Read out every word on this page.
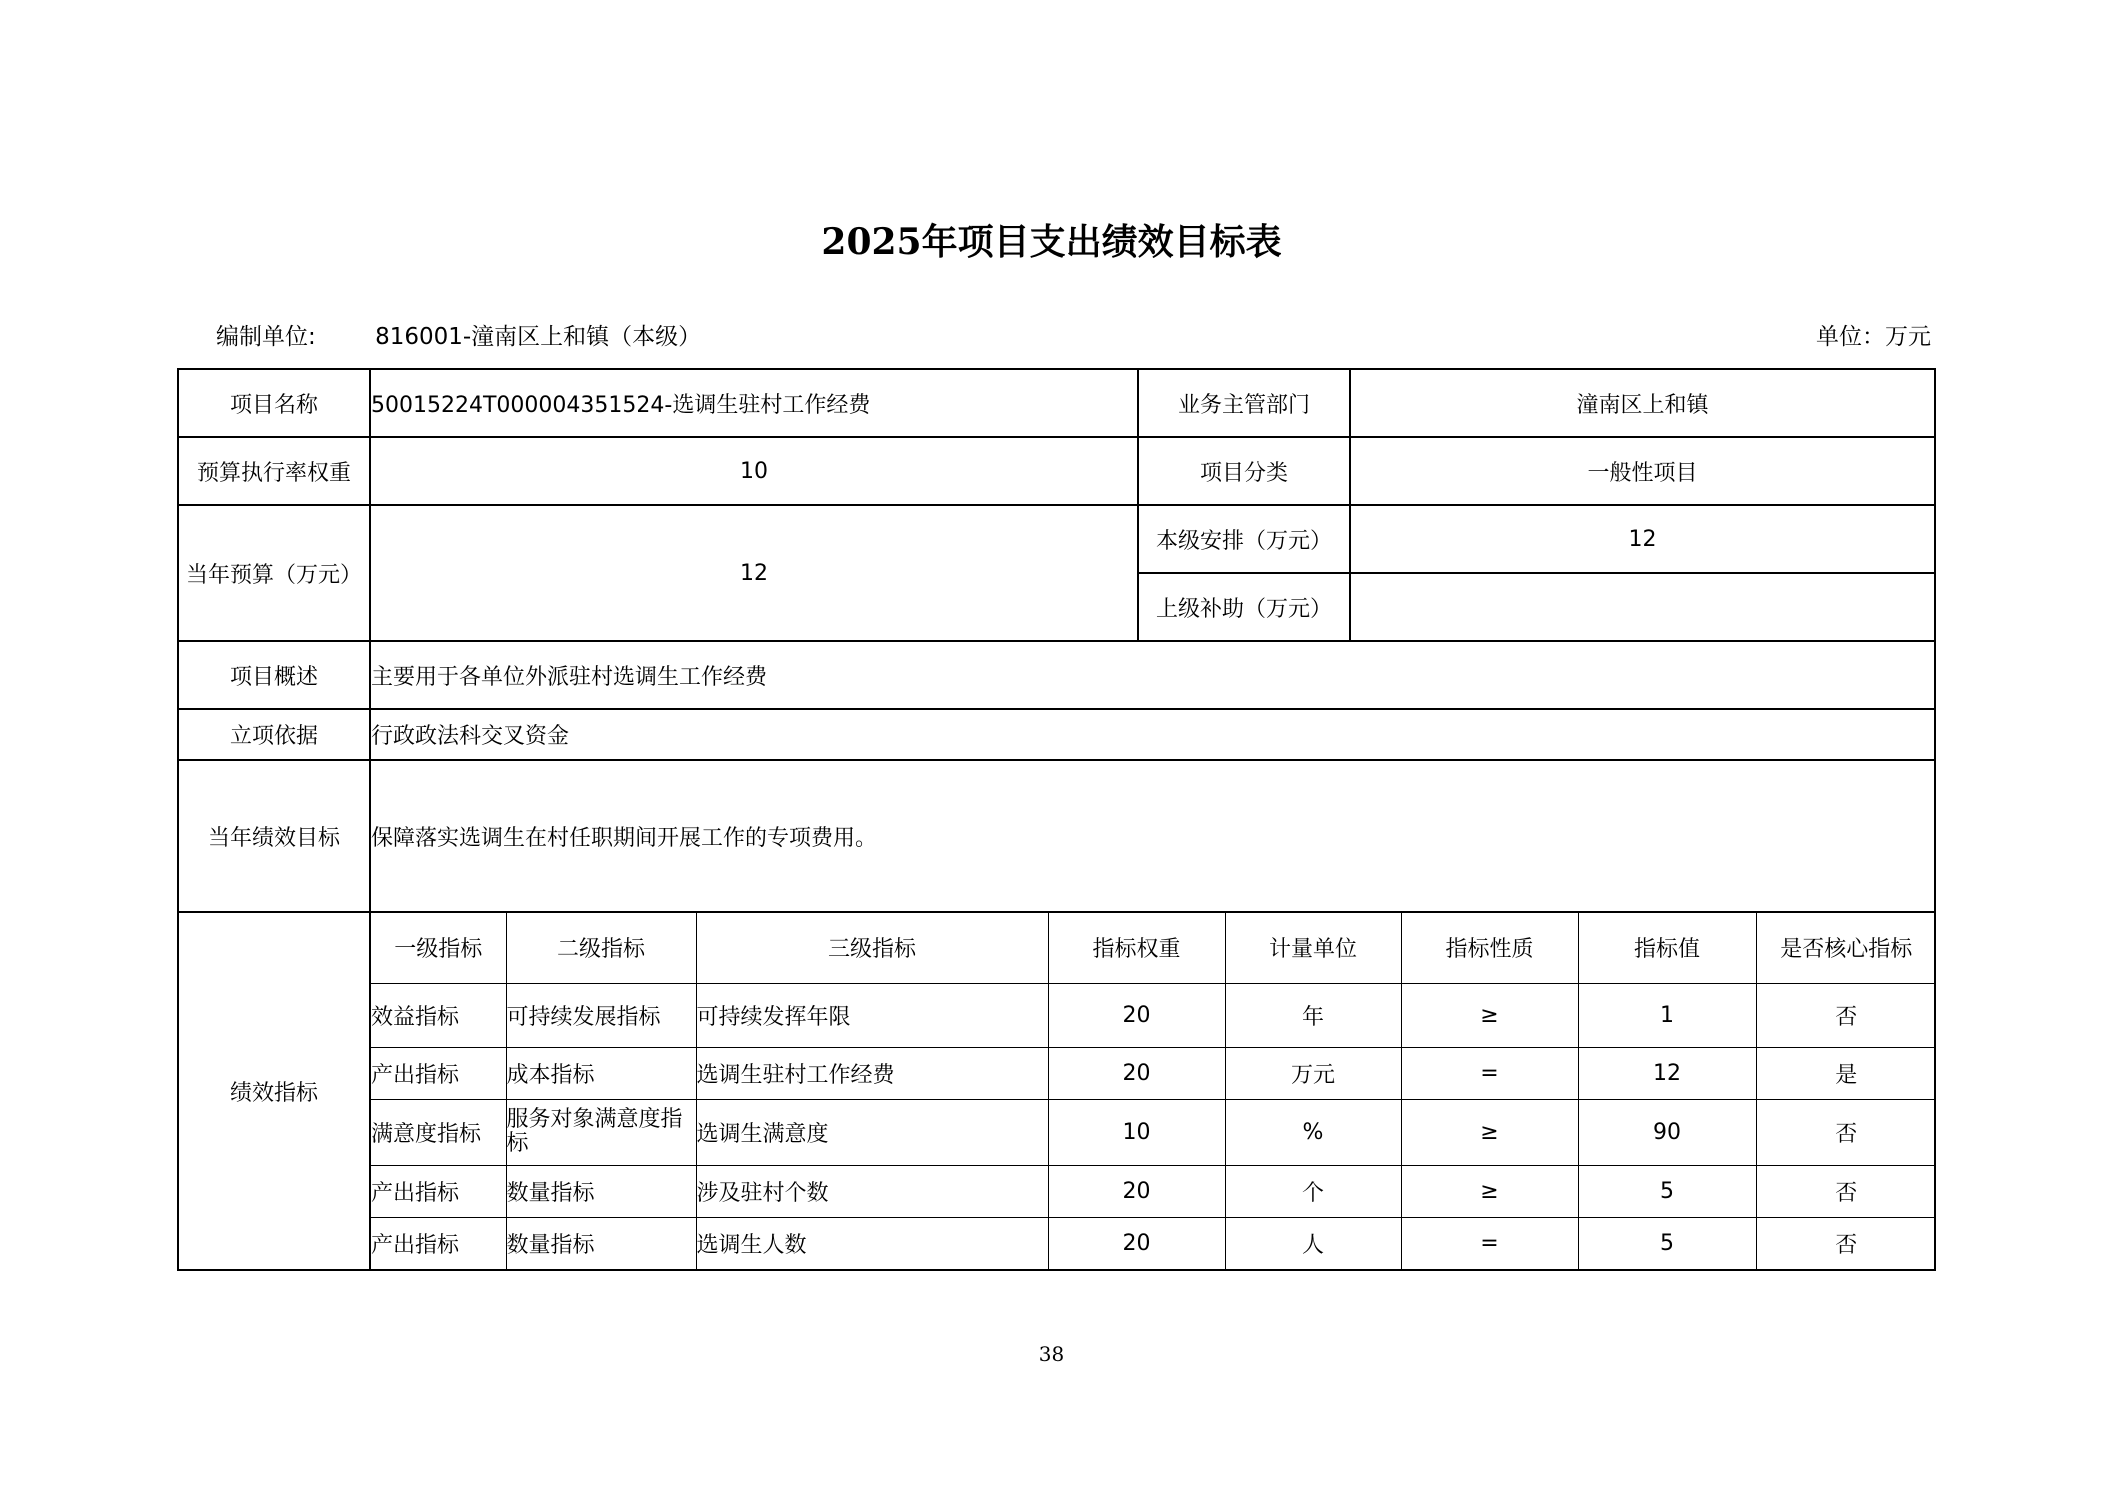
2025年项目支出绩效目标表
编制单位:	816001-潼南区上和镇（本级）	单位：万元
项目名称	50015224T000004351524-选调生驻村工作经费	业务主管部门	潼南区上和镇
预算执行率权重	10	项目分类	一般性项目
当年预算（万元）	12	本级安排（万元）	12
上级补助（万元）	
项目概述	主要用于各单位外派驻村选调生工作经费
立项依据	行政政法科交叉资金
当年绩效目标	保障落实选调生在村任职期间开展工作的专项费用。
绩效指标	
一级指标	二级指标	三级指标	指标权重	计量单位	指标性质	指标值	是否核心指标
效益指标	可持续发展指标	可持续发挥年限	20	年	≥	1	否
产出指标	成本指标	选调生驻村工作经费	20	万元	=	12	是
满意度指标	服务对象满意度指标	选调生满意度	10	%	≥	90	否
产出指标	数量指标	涉及驻村个数	20	个	≥	5	否
产出指标	数量指标	选调生人数	20	人	=	5	否
38
